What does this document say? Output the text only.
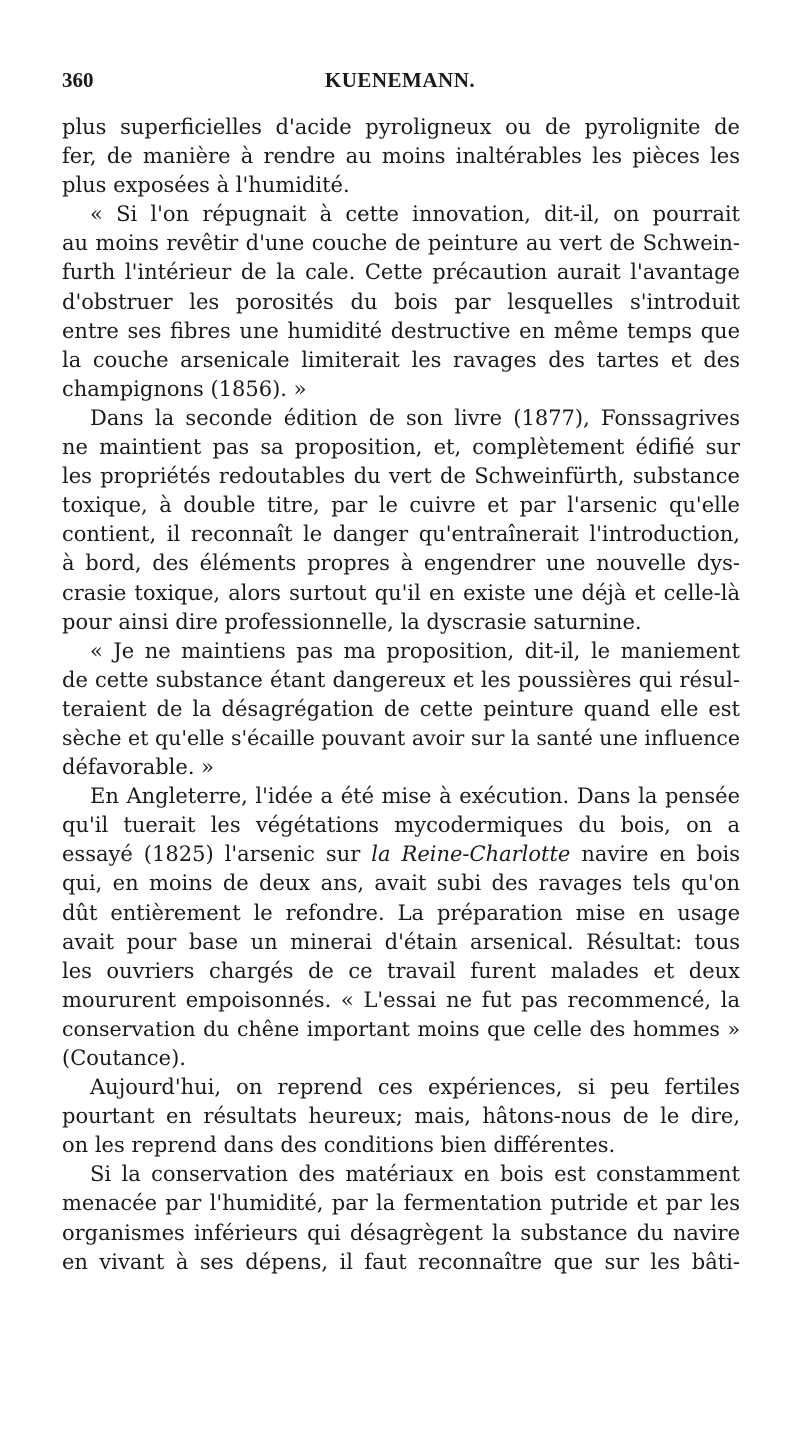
360	KUENEMANN.
plus superficielles d'acide pyroligneux ou de pyrolignite de
fer, de manière à rendre au moins inaltérables les pièces les
plus exposées à l'humidité.
« Si l'on répugnait à cette innovation, dit-il, on pourrait
au moins revêtir d'une couche de peinture au vert de Schwein-
furth l'intérieur de la cale. Cette précaution aurait l'avantage
d'obstruer les porosités du bois par lesquelles s'introduit
entre ses fibres une humidité destructive en même temps que
la couche arsenicale limiterait les ravages des tartes et des
champignons (1856). »
Dans la seconde édition de son livre (1877), Fonssagrives
ne maintient pas sa proposition, et, complètement édifié sur
les propriétés redoutables du vert de Schweinfürth, substance
toxique, à double titre, par le cuivre et par l'arsenic qu'elle
contient, il reconnaît le danger qu'entraînerait l'introduction,
à bord, des éléments propres à engendrer une nouvelle dys-
crasie toxique, alors surtout qu'il en existe une déjà et celle-là
pour ainsi dire professionnelle, la dyscrasie saturnine.
« Je ne maintiens pas ma proposition, dit-il, le maniement
de cette substance étant dangereux et les poussières qui résul-
teraient de la désagrégation de cette peinture quand elle est
sèche et qu'elle s'écaille pouvant avoir sur la santé une influence
défavorable. »
En Angleterre, l'idée a été mise à exécution. Dans la pensée
qu'il tuerait les végétations mycodermiques du bois, on a
essayé (1825) l'arsenic sur la Reine-Charlotte navire en bois
qui, en moins de deux ans, avait subi des ravages tels qu'on
dût entièrement le refondre. La préparation mise en usage
avait pour base un minerai d'étain arsenical. Résultat: tous
les ouvriers chargés de ce travail furent malades et deux
moururent empoisonnés. « L'essai ne fut pas recommencé, la
conservation du chêne important moins que celle des hommes »
(Coutance).
Aujourd'hui, on reprend ces expériences, si peu fertiles
pourtant en résultats heureux; mais, hâtons-nous de le dire,
on les reprend dans des conditions bien différentes.
Si la conservation des matériaux en bois est constamment
menacée par l'humidité, par la fermentation putride et par les
organismes inférieurs qui désagrègent la substance du navire
en vivant à ses dépens, il faut reconnaître que sur les bâti-
